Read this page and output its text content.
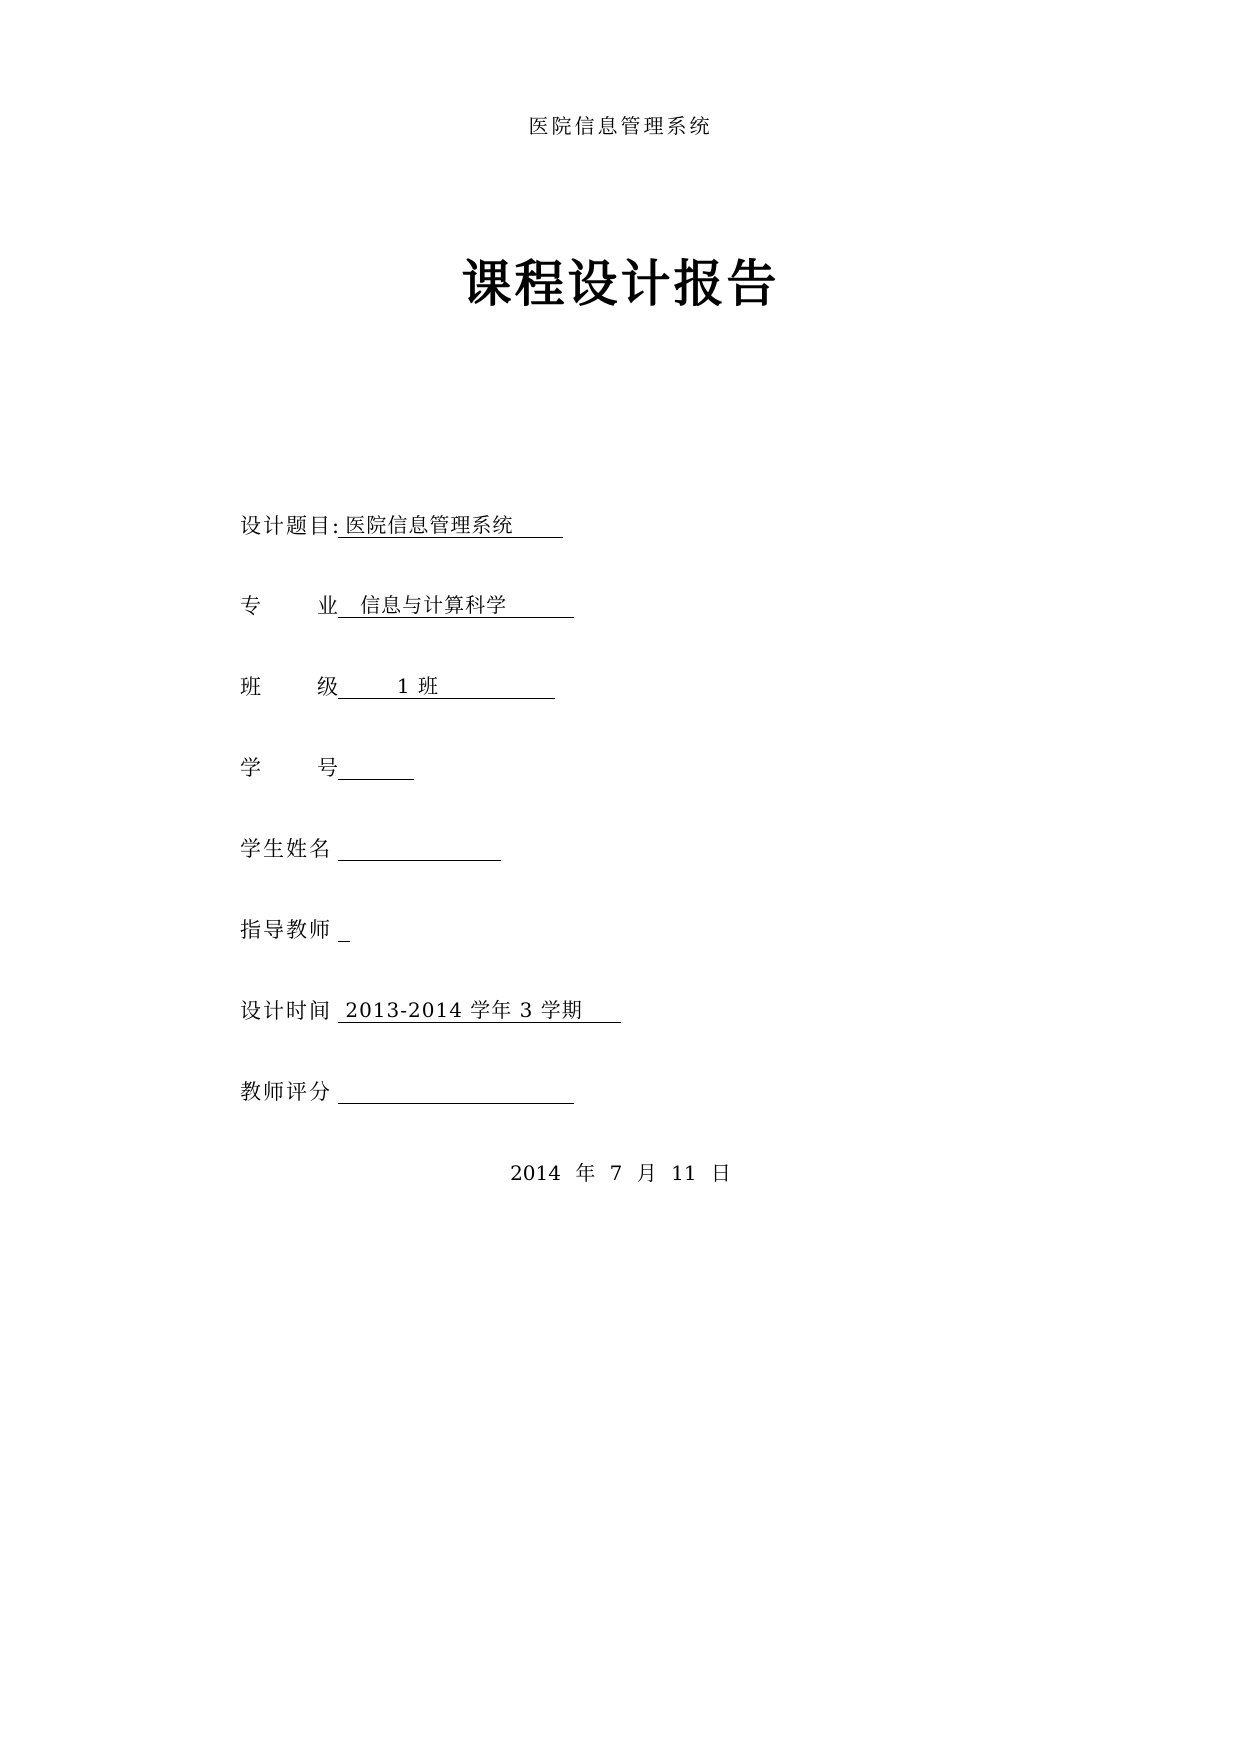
医院信息管理系统
课程设计报告
设计题目: 医院信息管理系统
专	业 信息与计算科学
班	级 1 班
学	号
学生姓名
指导教师
设计时间 2013-2014 学年 3 学期
教师评分
2014 年 7 月 11 日
